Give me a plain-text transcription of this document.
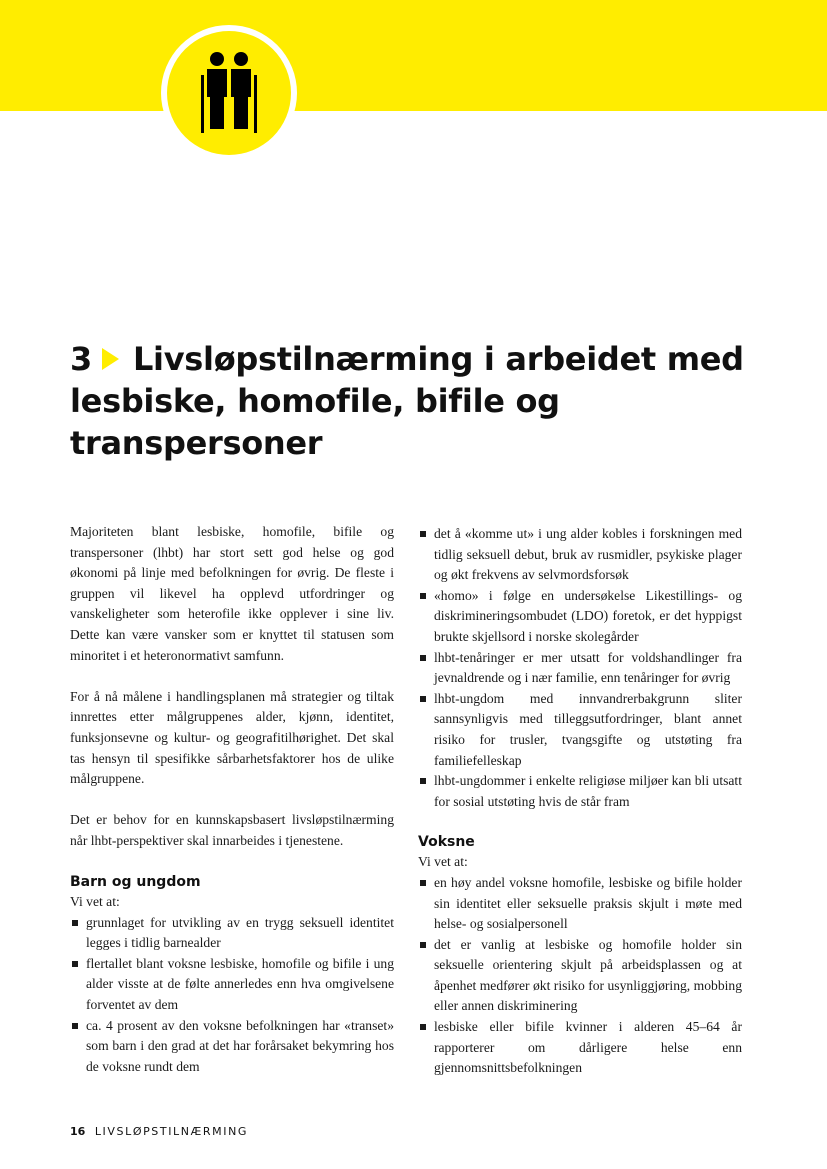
3 Livsløpstilnærming i arbeidet med lesbiske, homofile, bifile og transpersoner

Majoriteten blant lesbiske, homofile, bifile og transpersoner (lhbt) har stort sett god helse og god økonomi på linje med befolkningen for øvrig. De fleste i gruppen vil likevel ha opplevd utfordringer og vanskeligheter som heterofile ikke opplever i sine liv. Dette kan være vansker som er knyttet til statusen som minoritet i et heteronormativt samfunn.

For å nå målene i handlingsplanen må strategier og tiltak innrettes etter målgruppenes alder, kjønn, identitet, funksjonsevne og kultur- og geografitilhørighet. Det skal tas hensyn til spesifikke sårbarhetsfaktorer hos de ulike målgruppene.

Det er behov for en kunnskapsbasert livsløpstilnærming når lhbt-perspektiver skal innarbeides i tjenestene.

Barn og ungdom
Vi vet at:
grunnlaget for utvikling av en trygg seksuell identitet legges i tidlig barnealder
flertallet blant voksne lesbiske, homofile og bifile i ung alder visste at de følte annerledes enn hva omgivelsene forventet av dem
ca. 4 prosent av den voksne befolkningen har «transet» som barn i den grad at det har forårsaket bekymring hos de voksne rundt dem
det å «komme ut» i ung alder kobles i forskningen med tidlig seksuell debut, bruk av rusmidler, psykiske plager og økt frekvens av selvmordsforsøk
«homo» i følge en undersøkelse Likestillings- og diskrimineringsombudet (LDO) foretok, er det hyppigst brukte skjellsord i norske skolegårder
lhbt-tenåringer er mer utsatt for voldshandlinger fra jevnaldrende og i nær familie, enn tenåringer for øvrig
lhbt-ungdom med innvandrerbakgrunn sliter sannsynligvis med tilleggsutfordringer, blant annet risiko for trusler, tvangsgifte og utstøting fra familiefelleskap
lhbt-ungdommer i enkelte religiøse miljøer kan bli utsatt for sosial utstøting hvis de står fram
Voksne
Vi vet at:
en høy andel voksne homofile, lesbiske og bifile holder sin identitet eller seksuelle praksis skjult i møte med helse- og sosialpersonell
det er vanlig at lesbiske og homofile holder sin seksuelle orientering skjult på arbeidsplassen og at åpenhet medfører økt risiko for usynliggjøring, mobbing eller annen diskriminering
lesbiske eller bifile kvinner i alderen 45–64 år rapporterer om dårligere helse enn gjennomsnittsbefolkningen
16 LIVSLØPSTILNÆRMING
